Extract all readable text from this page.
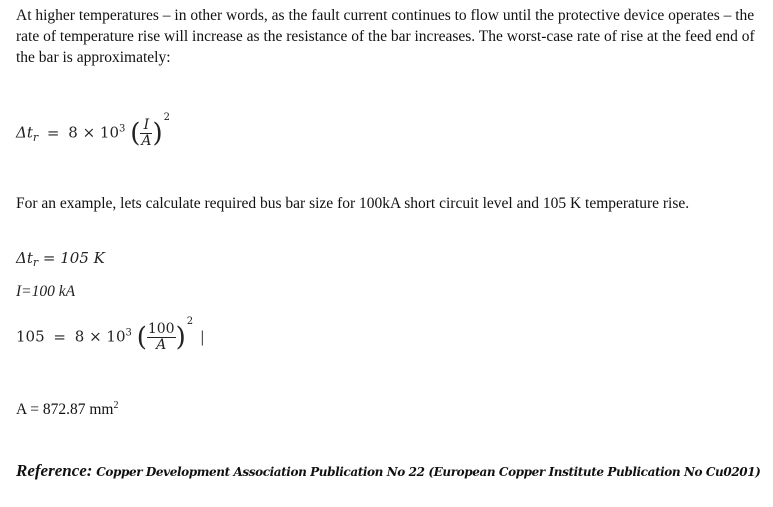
At higher temperatures – in other words, as the fault current continues to flow until the protective device operates – the rate of temperature rise will increase as the resistance of the bar increases. The worst-case rate of rise at the feed end of the bar is approximately:
$\Delta t_r = 8 \times 10^3$ ( $\frac{I}{A} )^2$
For an example, lets calculate required bus bar size for 100kA short circuit level and 105 K temperature rise.
$\Delta t_r = 105$ K
I=100 kA
$105 = 8 \times 10^3$ ( $\frac{100}{A} )^2$ |
A = 872.87 $mm^2$
Reference: Copper Development Association Publication No 22 (European Copper Institute Publication No Cu0201)
